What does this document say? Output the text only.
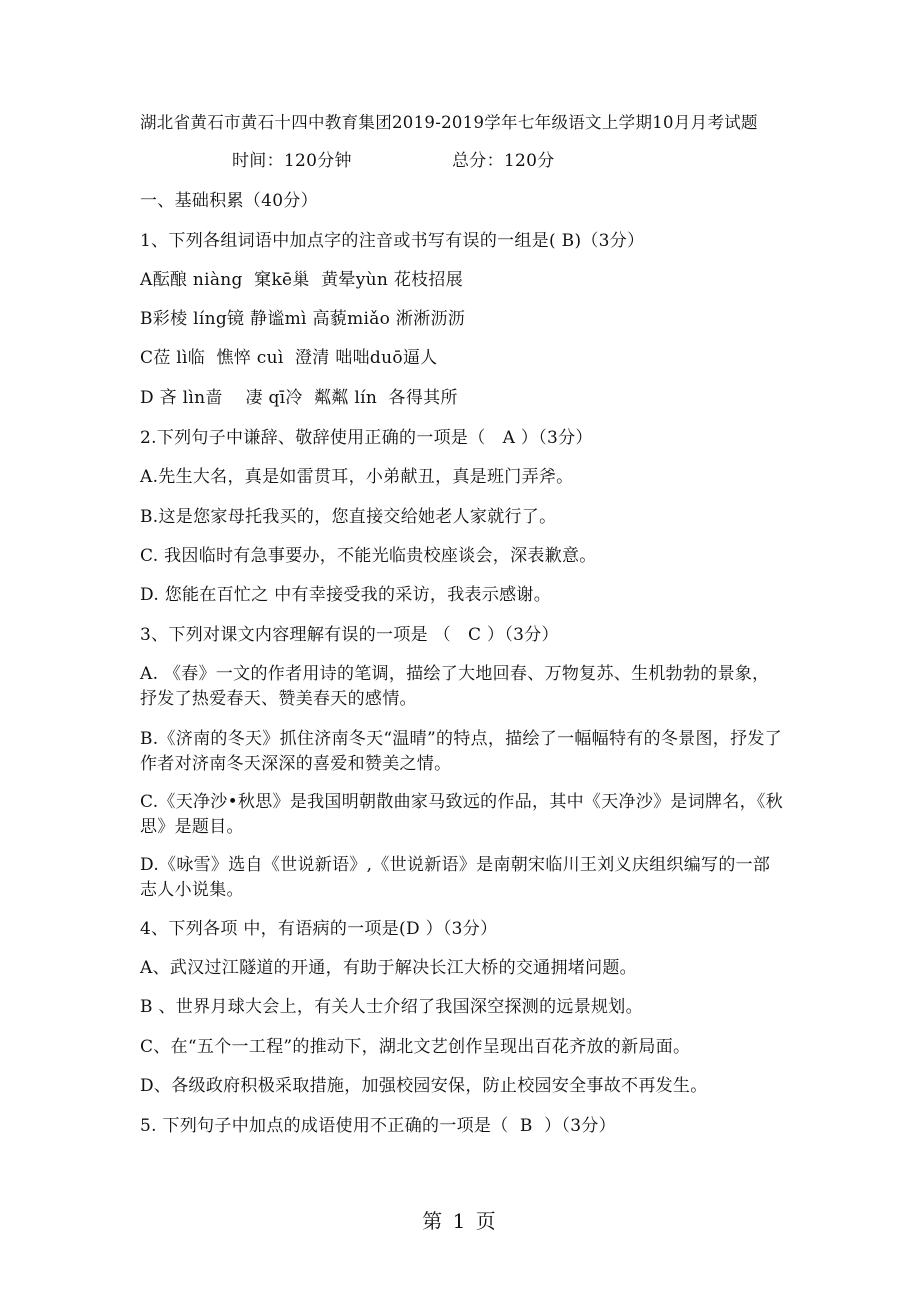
湖北省黄石市黄石十四中教育集团2019-2019学年七年级语文上学期10月月考试题
时间：120分钟	总分：120分
一、基础积累（40分）
1、下列各组词语中加点字的注音或书写有误的一组是( B)（3分）
A酝酿 niàng  窠kē巢  黄晕yùn 花枝招展
B彩棱 líng镜 静谧mì 高藐miǎo 淅淅沥沥
C莅 lì临  憔悴 cuì  澄清 咄咄duō逼人
D 吝 lìn啬    凄 qī冷  粼粼 lín  各得其所
2.下列句子中谦辞、敬辞使用正确的一项是（   A ）（3分）
A.先生大名，真是如雷贯耳，小弟献丑，真是班门弄斧。
B.这是您家母托我买的，您直接交给她老人家就行了。
C. 我因临时有急事要办，不能光临贵校座谈会，深表歉意。
D. 您能在百忙之 中有幸接受我的采访，我表示感谢。
3、下列对课文内容理解有误的一项是 （   C ）（3分）
A. 《春》一文的作者用诗的笔调，描绘了大地回春、万物复苏、生机勃勃的景象，抒发了热爱春天、赞美春天的感情。
B.《济南的冬天》抓住济南冬天“温晴”的特点，描绘了一幅幅特有的冬景图，抒发了作者对济南冬天深深的喜爱和赞美之情。
C.《天净沙•秋思》是我国明朝散曲家马致远的作品，其中《天净沙》是词牌名，《秋思》是题目。
D.《咏雪》选自《世说新语》,《世说新语》是南朝宋临川王刘义庆组织编写的一部志人小说集。
4、下列各项 中，有语病的一项是(D ）（3分）
A、武汉过江隧道的开通，有助于解决长江大桥的交通拥堵问题。
B 、世界月球大会上，有关人士介绍了我国深空探测的远景规划。
C、在“五个一工程”的推动下，湖北文艺创作呈现出百花齐放的新局面。
D、各级政府积极采取措施，加强校园安保，防止校园安全事故不再发生。
5. 下列句子中加点的成语使用不正确的一项是（  B  ）（3分）
第 1 页
